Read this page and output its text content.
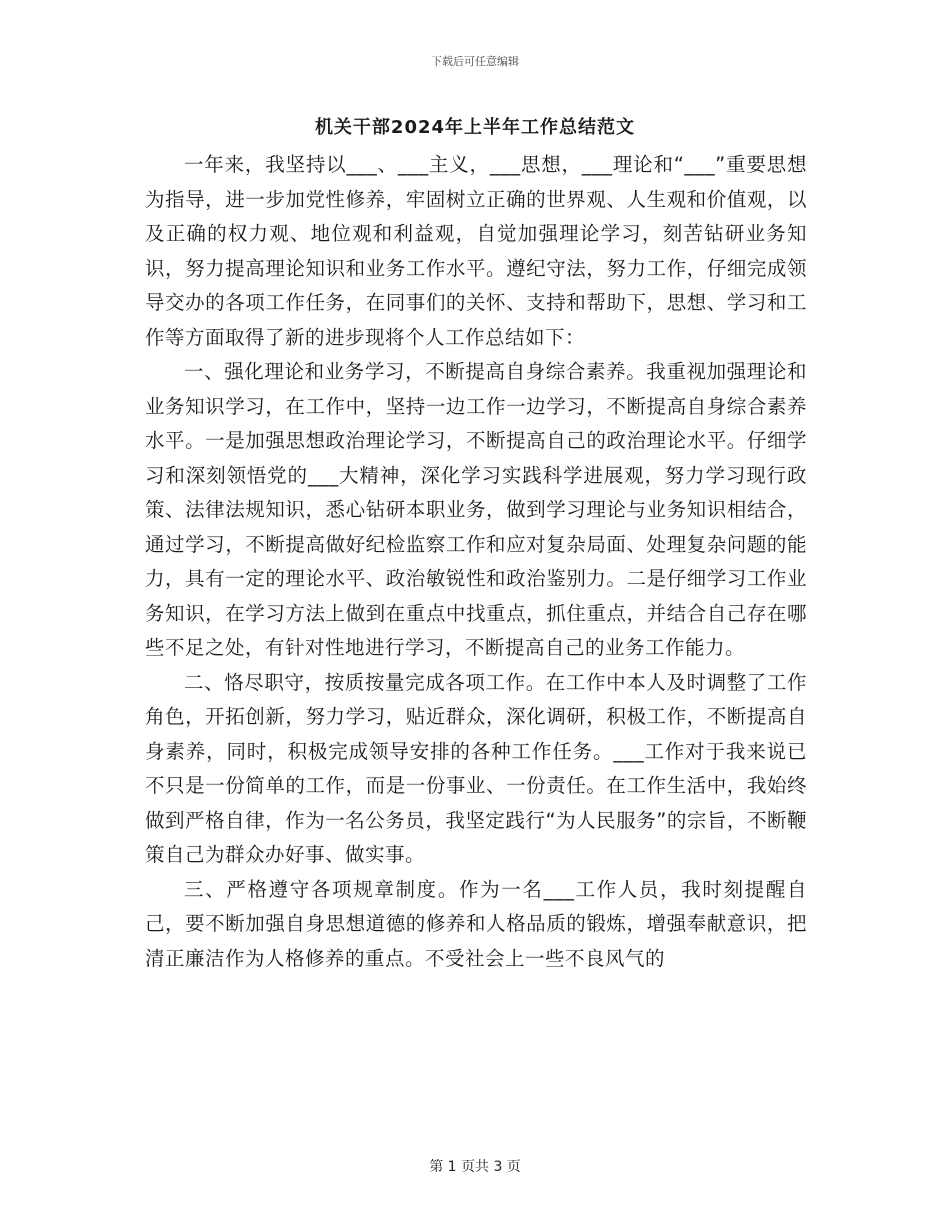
下载后可任意编辑
机关干部2024年上半年工作总结范文

一年来，我坚持以___、___主义，___思想，___理论和“___”重要思想为指导，进一步加党性修养，牢固树立正确的世界观、人生观和价值观，以及正确的权力观、地位观和利益观，自觉加强理论学习，刻苦钻研业务知识，努力提高理论知识和业务工作水平。遵纪守法，努力工作，仔细完成领导交办的各项工作任务，在同事们的关怀、支持和帮助下，思想、学习和工作等方面取得了新的进步现将个人工作总结如下：

一、强化理论和业务学习，不断提高自身综合素养。我重视加强理论和业务知识学习，在工作中，坚持一边工作一边学习，不断提高自身综合素养水平。一是加强思想政治理论学习，不断提高自己的政治理论水平。仔细学习和深刻领悟党的___大精神，深化学习实践科学进展观，努力学习现行政策、法律法规知识，悉心钻研本职业务，做到学习理论与业务知识相结合，通过学习，不断提高做好纪检监察工作和应对复杂局面、处理复杂问题的能力，具有一定的理论水平、政治敏锐性和政治鉴别力。二是仔细学习工作业务知识，在学习方法上做到在重点中找重点，抓住重点，并结合自己存在哪些不足之处，有针对性地进行学习，不断提高自己的业务工作能力。

二、恪尽职守，按质按量完成各项工作。在工作中本人及时调整了工作角色，开拓创新，努力学习，贴近群众，深化调研，积极工作，不断提高自身素养，同时，积极完成领导安排的各种工作任务。___工作对于我来说已不只是一份简单的工作，而是一份事业、一份责任。在工作生活中，我始终做到严格自律，作为一名公务员，我坚定践行“为人民服务”的宗旨，不断鞭策自己为群众办好事、做实事。

三、严格遵守各项规章制度。作为一名___工作人员，我时刻提醒自己，要不断加强自身思想道德的修养和人格品质的锻炼，增强奉献意识，把清正廉洁作为人格修养的重点。不受社会上一些不良风气的

第 1 页共 3 页
